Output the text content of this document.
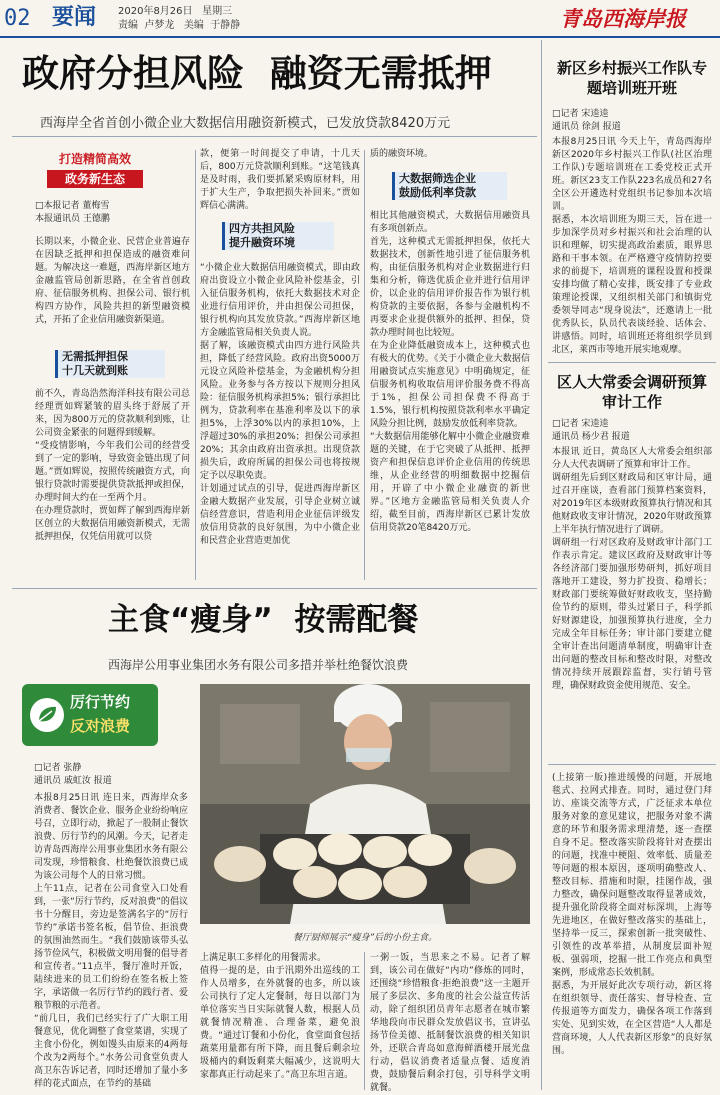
02 要闻 2020年8月26日 星期三
责编 卢梦龙 美编 于静静	青岛西海岸报
政府分担风险  融资无需抵押
西海岸全省首创小微企业大数据信用融资新模式，已发放贷款8420万元
打造精简高效
政务新生态
□本报记者 董梅雪
本报通讯员 王德鹏
长期以来，小微企业、民营企业普遍存在因缺乏抵押和担保造成的融资难问题。为解决这一难题，西海岸新区地方金融监管局创新思路，在全省首创政府、征信服务机构、担保公司、银行机构四方协作，风险共担的新型融资模式，开拓了企业信用融资新渠道。
无需抵押担保
十几天就到账
前不久，青岛浩然海洋科技有限公司总经理贾如辉紧皱的眉头终于舒展了开来，因为800万元的贷款顺利到账，让公司资金紧张的问题得到缓解。
“受疫情影响，今年我们公司的经营受到了一定的影响，导致资金链出现了问题。”贾如辉说，按照传统融资方式，向银行贷款时需要提供贷款抵押或担保，办理时间大约在一至两个月。
在办理贷款时，贾如辉了解到西海岸新区创立的大数据信用融资新模式，无需抵押担保，仅凭信用就可以贷
款，便第一时间提交了申请，十几天后，800万元贷款顺利到账。“这笔钱真是及时雨，我们要抓紧采购原材料，用于扩大生产，争取把损失补回来。”贾如辉信心满满。
四方共担风险
提升融资环境
“小微企业大数据信用融资模式，即由政府出资设立小微企业风险补偿基金，引入征信服务机构，依托大数据技术对企业进行信用评价，并由担保公司担保，银行机构向其发放贷款。”西海岸新区地方金融监管局相关负责人说。
据了解，该融资模式由四方进行风险共担，降低了经营风险。政府出资5000万元设立风险补偿基金，为金融机构分担风险。业务参与各方按以下规则分担风险：征信服务机构承担5%；银行承担比例为，贷款利率在基准利率及以下的承担5%，上浮30%以内的承担10%，上浮超过30%的承担20%；担保公司承担20%；其余由政府出资承担。出现贷款损失后，政府所属的担保公司也将按规定予以尽职免责。
计划通过试点的引导，促进西海岸新区金融大数据产业发展，引导企业树立诚信经营意识，营造利用企业征信评级发放信用贷款的良好氛围，为中小微企业和民营企业营造更加优
质的融资环境。
大数据筛选企业
鼓励低利率贷款
相比其他融资模式，大数据信用融资具有多项创新点。
首先，这种模式无需抵押担保，依托大数据技术，创新性地引进了征信服务机构，由征信服务机构对企业数据进行归集和分析，筛选优质企业并进行信用评价，以企业的信用评价报告作为银行机构贷款的主要依据，各参与金融机构不再要求企业提供额外的抵押、担保，贷款办理时间也比较短。
在为企业降低融资成本上，这种模式也有极大的优势。《关于小微企业大数据信用融资试点实施意见》中明确规定，征信服务机构收取信用评价服务费不得高于1%，担保公司担保费不得高于1.5%，银行机构按照贷款利率水平确定风险分担比例，鼓励发放低利率贷款。
“大数据信用能够化解中小微企业融资难题的关键，在于它突破了从抵押、抵押资产和担保信息评价企业信用的传统思维，从企业经营的明细数据中挖掘信用，开辟了中小微企业融资的新世界。”区地方金融监管局相关负责人介绍，截至目前，西海岸新区已累计发放信用贷款20笔8420万元。
主食“瘦身”  按需配餐
西海岸公用事业集团水务有限公司多措并举杜绝餐饮浪费
厉行节约
反对浪费
□记者 张静
通讯员 戚虹汝 报道
本报8月25日讯 连日来，西海岸众多消费者、餐饮企业、服务企业纷纷响应号召，立即行动，掀起了一股制止餐饮浪费、厉行节约的风潮。今天，记者走访青岛西海岸公用事业集团水务有限公司发现，珍惜粮食、杜绝餐饮浪费已成为该公司每个人的日常习惯。
上午11点，记者在公司食堂入口处看到，一张“厉行节约，反对浪费”的倡议书十分醒目，旁边是签满名字的“厉行节约”承诺书签名板，倡节俭、拒浪费的氛围油然而生。“我们鼓励该带头弘扬节俭风气，积极做文明用餐的倡导者和宣传者。”11点半，餐厅准时开饭，陆续进来的员工们纷纷在签名板上签字，承诺做一名厉行节约的践行者、爱粮节粮的示范者。
“前几日，我们已经实行了广大职工用餐意见，优化调整了食堂菜谱，实现了主食小份化，例如馒头由原来的4两每个改为2两每个。”水务公司食堂负责人高卫东告诉记者，同时还增加了量小多样的花式面点，在节约的基础
餐厅厨师展示“瘦身”后的小份主食。
上满足职工多样化的用餐需求。
值得一提的是，由于汛期外出巡线的工作人员增多，在外就餐的也多，所以该公司执行了定人定餐制，每日以部门为单位落实当日实际就餐人数，根据人员就餐情况精准、合理备菜，避免浪费。“通过订餐和小份化，食堂面食包括蔬菜用量都有所下降，而且餐后剩余垃圾桶内的剩饭剩菜大幅减少，这说明大家都真正行动起来了。”高卫东坦言道。
一粥一饭，当思来之不易。记者了解到，该公司在做好“内功”修炼的同时，还围绕“珍惜粮食·拒绝浪费”这一主题开展了多层次、多角度的社会公益宣传活动，除了组织团员青年志愿者在城市繁华地段向市民群众发放倡议书，宣讲弘扬节俭美德、抵制餐饮浪费的相关知识外，还联合青岛如意海鲜酒楼开展光盘行动，倡议消费者适量点餐、适度消费，鼓励餐后剩余打包，引导科学文明就餐。
新区乡村振兴工作队专题培训班开班
□记者 宋逵逵
通讯员 徐剑 报道
本报8月25日讯 今天上午，青岛西海岸新区2020年乡村振兴工作队(社区治理工作队)专题培训班在工委党校正式开班。新区23支工作队223名成员和27名全区公开遴选村党组织书记参加本次培训。
据悉，本次培训班为期三天，旨在进一步加深学员对乡村振兴和社会治理的认识和理解，切实提高政治素质，眼界思路和干事本领。在严格遵守疫情防控要求的前提下，培训班的课程设置和授课安排均做了精心安排，既安排了专业政策理论授课，又组织相关部门和镇街党委领导同志“现身说法”，还邀请上一批优秀队长，队员代表谈经验、话体会、讲感悟。同时，培训班还将组织学员到北区，莱西市等地开展实地观摩。
区人大常委会调研预算审计工作
□记者 宋逵逵
通讯员 杨少君 报道
本报讯 近日，黄岛区人大常委会组织部分人大代表调研了预算和审计工作。
调研组先后到区财政局和区审计局，通过召开座谈，查看部门预算档案资料，对2019年区本级财政预算执行情况和其他财政收支审计情况，2020年财政预算上半年执行情况进行了调研。
调研组一行对区政府及财政审计部门工作表示肯定。建议区政府及财政审计等各经济部门要加强形势研判，抓好项目落地开工建设，努力扩投资、稳增长；财政部门要统筹做好财政收支，坚持勤俭节约的原则，带头过紧日子，科学抓好财源建设，加强预算执行进度，全力完成全年目标任务；审计部门要建立健全审计查出问题清单制度，明确审计查出问题的整改目标和整改时限，对整改情况持续开展跟踪监督，实行销号管理，确保财政资金使用规范、安全。
(上接第一版)推进缓慢的问题，开展地毯式、拉网式排查。同时，通过登门拜访、座谈交流等方式，广泛征求本单位服务对象的意见建议，把服务对象不满意的环节和服务需求理清楚，逐一查摆自身不足。整改落实阶段将针对查摆出的问题，找准中梗阻、效率低、质量差等问题的根本原因，逐项明确整改人、整改目标、措施和时限，挂图作战，强力整改，确保问题整改取得显著成效，提升强化阶段将全面对标深圳，上海等先进地区，在做好整改落实的基础上，坚持举一反三，探索创新一批突破性、引领性的改革举措，从制度层面补短板、强弱项，挖掘一批工作亮点和典型案例，形成常态长效机制。
据悉，为开展好此次专项行动，新区将在组织领导、责任落实、督导检查、宣传报道等方面发力，确保各项工作落到实处、见到实效，在全区营造“人人都是营商环境，人人代表新区形象”的良好氛围。
